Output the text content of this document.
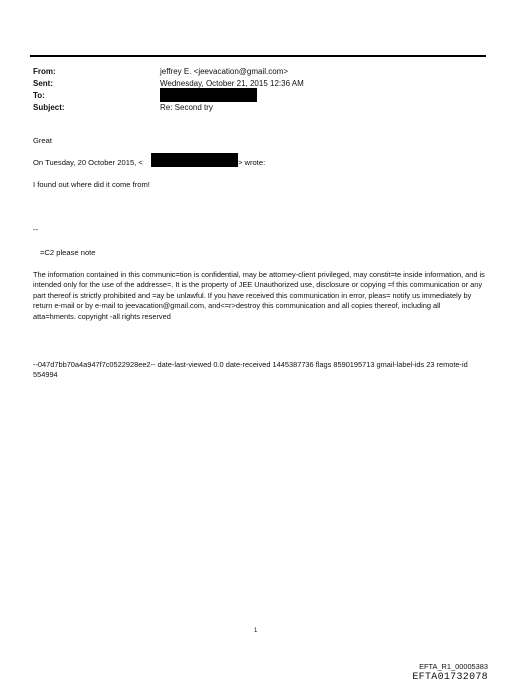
From:
Sent:
To:
Subject:
jeffrey E. <jeevacation@gmail.com>
Wednesday, October 21, 2015 12:36 AM
Re: Second try
Great
On Tuesday, 20 October 2015, <	> wrote:
I found out where did it come from!
--
=C2 please note
The information contained in this communic=tion is confidential, may be attorney-client privileged, may constit=te inside information, and is intended only for the use of the addresse=. It is the property of JEE Unauthorized use, disclosure or copying =f this communication or any part thereof is strictly prohibited and =ay be unlawful. If you have received this communication in error, pleas= notify us immediately by return e-mail or by e-mail to jeevacation@gmail.com, and<=r>destroy this communication and all copies thereof, including all atta=hments. copyright -all rights reserved
--047d7bb70a4a947f7c0522928ee2-- date-last-viewed 0.0 date-received 1445387736 flags 8590195713 gmail-label-ids 23 remote-id 554994
1
EFTA_R1_00005383
EFTA01732078
